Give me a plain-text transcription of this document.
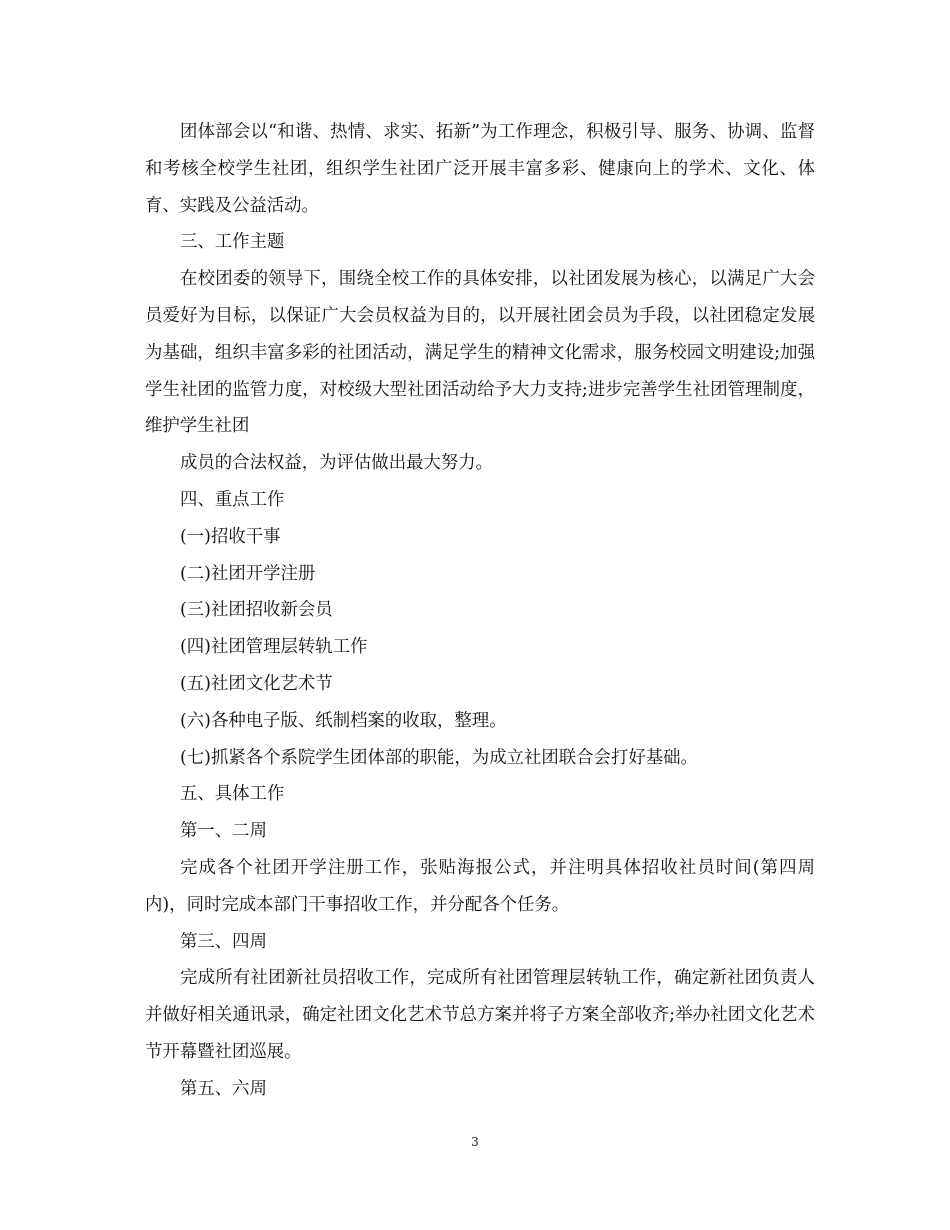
团体部会以“和谐、热情、求实、拓新”为工作理念，积极引导、服务、协调、监督和考核全校学生社团，组织学生社团广泛开展丰富多彩、健康向上的学术、文化、体育、实践及公益活动。

三、工作主题

在校团委的领导下，围绕全校工作的具体安排，以社团发展为核心，以满足广大会员爱好为目标，以保证广大会员权益为目的，以开展社团会员为手段，以社团稳定发展为基础，组织丰富多彩的社团活动，满足学生的精神文化需求，服务校园文明建设;加强学生社团的监管力度，对校级大型社团活动给予大力支持;进步完善学生社团管理制度，维护学生社团

成员的合法权益，为评估做出最大努力。

四、重点工作

(一)招收干事

(二)社团开学注册

(三)社团招收新会员

(四)社团管理层转轨工作

(五)社团文化艺术节

(六)各种电子版、纸制档案的收取，整理。

(七)抓紧各个系院学生团体部的职能，为成立社团联合会打好基础。

五、具体工作

第一、二周

完成各个社团开学注册工作，张贴海报公式，并注明具体招收社员时间(第四周内)，同时完成本部门干事招收工作，并分配各个任务。

第三、四周

完成所有社团新社员招收工作，完成所有社团管理层转轨工作，确定新社团负责人并做好相关通讯录，确定社团文化艺术节总方案并将子方案全部收齐;举办社团文化艺术节开幕暨社团巡展。

第五、六周

3
